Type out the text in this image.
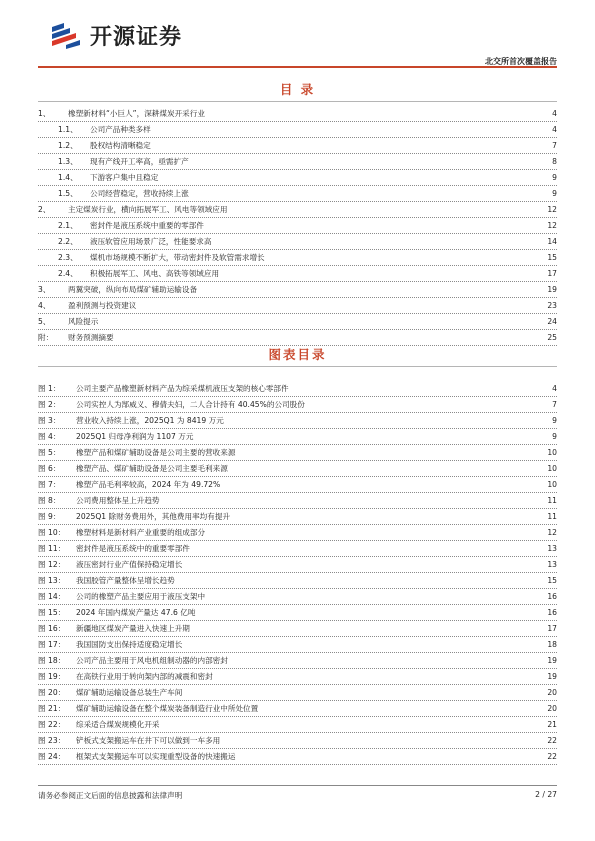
开源证券
北交所首次覆盖报告
目 录
1、 橡塑新材料“小巨人”，深耕煤炭开采行业	4
1.1、 公司产品种类多样	4
1.2、 股权结构清晰稳定	7
1.3、 现有产线开工率高，亟需扩产	8
1.4、 下游客户集中且稳定	9
1.5、 公司经营稳定，营收持续上涨	9
2、 主定煤炭行业，横向拓展军工、风电等领域应用	12
2.1、 密封件是液压系统中重要的零部件	12
2.2、 液压软管应用场景广泛，性能要求高	14
2.3、 煤机市场规模不断扩大，带动密封件及软管需求增长	15
2.4、 积极拓展军工、风电、高铁等领域应用	17
3、 两翼突破，纵向布局煤矿辅助运输设备	19
4、 盈利预测与投资建议	23
5、 风险提示	24
附： 财务预测摘要	25
图表目录
图 1： 公司主要产品橡塑新材料产品为综采煤机液压支架的核心零部件	4
图 2： 公司实控人为郜威义、穆倩夫妇，二人合计持有 40.45%的公司股份	7
图 3： 营业收入持续上涨，2025Q1 为 8419 万元	9
图 4： 2025Q1 归母净利润为 1107 万元	9
图 5： 橡塑产品和煤矿辅助设备是公司主要的营收来源	10
图 6： 橡塑产品、煤矿辅助设备是公司主要毛利来源	10
图 7： 橡塑产品毛利率较高，2024 年为 49.72%	10
图 8： 公司费用整体呈上升趋势	11
图 9： 2025Q1 除财务费用外，其他费用率均有提升	11
图 10： 橡塑材料是新材料产业重要的组成部分	12
图 11： 密封件是液压系统中的重要零部件	13
图 12： 液压密封行业产值保持稳定增长	13
图 13： 我国胶管产量整体呈增长趋势	15
图 14： 公司的橡塑产品主要应用于液压支架中	16
图 15： 2024 年国内煤炭产量达 47.6 亿吨	16
图 16： 新疆地区煤炭产量进入快速上升期	17
图 17： 我国国防支出保持适度稳定增长	18
图 18： 公司产品主要用于风电机组制动器的内部密封	19
图 19： 在高铁行业用于转向架内部的减震和密封	19
图 20： 煤矿辅助运输设备总装生产车间	20
图 21： 煤矿辅助运输设备在整个煤炭装备制造行业中所处位置	20
图 22： 综采适合煤炭规模化开采	21
图 23： 铲板式支架搬运车在井下可以做到一车多用	22
图 24： 框架式支架搬运车可以实现重型设备的快速搬运	22
请务必参阅正文后面的信息披露和法律声明	2 / 27
